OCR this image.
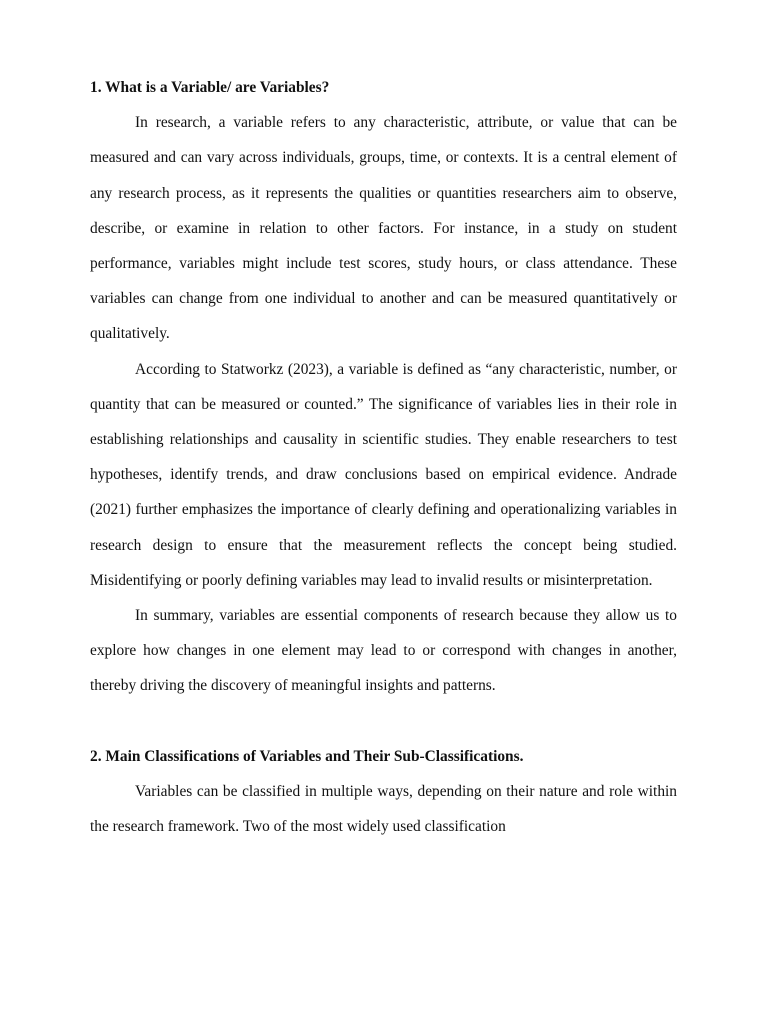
1. What is a Variable/ are Variables?

In research, a variable refers to any characteristic, attribute, or value that can be measured and can vary across individuals, groups, time, or contexts. It is a central element of any research process, as it represents the qualities or quantities researchers aim to observe, describe, or examine in relation to other factors. For instance, in a study on student performance, variables might include test scores, study hours, or class attendance. These variables can change from one individual to another and can be measured quantitatively or qualitatively.

According to Statworkz (2023), a variable is defined as “any characteristic, number, or quantity that can be measured or counted.” The significance of variables lies in their role in establishing relationships and causality in scientific studies. They enable researchers to test hypotheses, identify trends, and draw conclusions based on empirical evidence. Andrade (2021) further emphasizes the importance of clearly defining and operationalizing variables in research design to ensure that the measurement reflects the concept being studied. Misidentifying or poorly defining variables may lead to invalid results or misinterpretation.

In summary, variables are essential components of research because they allow us to explore how changes in one element may lead to or correspond with changes in another, thereby driving the discovery of meaningful insights and patterns.

2. Main Classifications of Variables and Their Sub-Classifications.

Variables can be classified in multiple ways, depending on their nature and role within the research framework. Two of the most widely used classification
